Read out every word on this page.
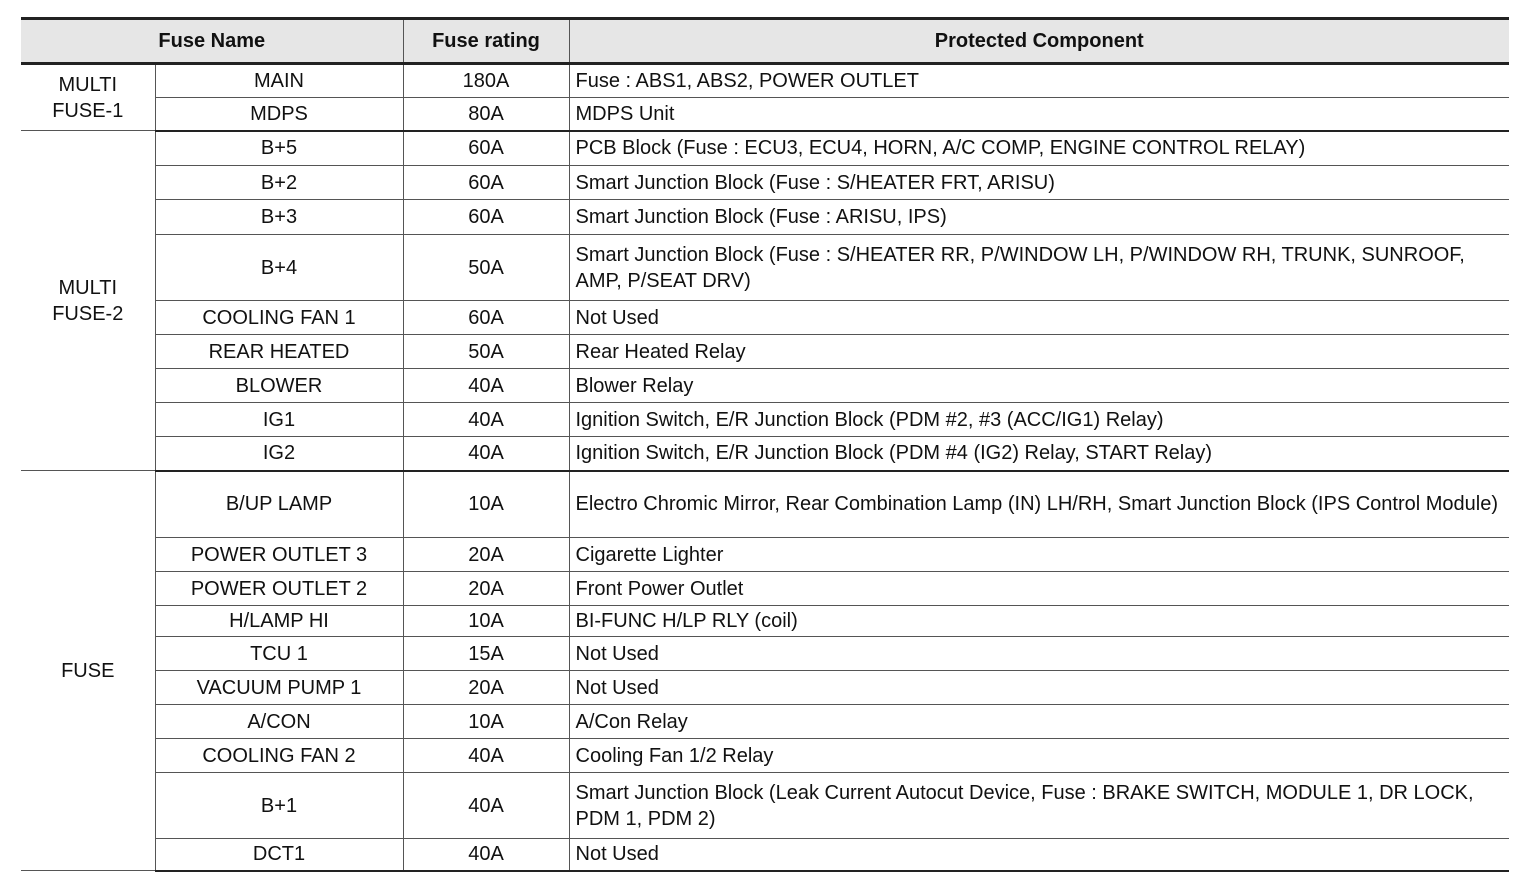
Fuse Name		Fuse rating	Protected Component

MULTI
FUSE-1	MAIN	180A	Fuse : ABS1, ABS2, POWER OUTLET
	MDPS	80A	MDPS Unit

MULTI
FUSE-2	B+5	60A	PCB Block (Fuse : ECU3, ECU4, HORN, A/C COMP, ENGINE CONTROL RELAY)
	B+2	60A	Smart Junction Block (Fuse : S/HEATER FRT, ARISU)
	B+3	60A	Smart Junction Block (Fuse : ARISU, IPS)
	B+4	50A	Smart Junction Block (Fuse : S/HEATER RR, P/WINDOW LH, P/WINDOW RH, TRUNK, SUNROOF, AMP, P/SEAT DRV)
	COOLING FAN 1	60A	Not Used
	REAR HEATED	50A	Rear Heated Relay
	BLOWER	40A	Blower Relay
	IG1	40A	Ignition Switch, E/R Junction Block (PDM #2, #3 (ACC/IG1) Relay)
	IG2	40A	Ignition Switch, E/R Junction Block (PDM #4 (IG2) Relay, START Relay)

FUSE	B/UP LAMP	10A	Electro Chromic Mirror, Rear Combination Lamp (IN) LH/RH, Smart Junction Block (IPS Control Module)
	POWER OUTLET 3	20A	Cigarette Lighter
	POWER OUTLET 2	20A	Front Power Outlet
	H/LAMP HI	10A	BI-FUNC H/LP RLY (coil)
	TCU 1	15A	Not Used
	VACUUM PUMP 1	20A	Not Used
	A/CON	10A	A/Con Relay
	COOLING FAN 2	40A	Cooling Fan 1/2 Relay
	B+1	40A	Smart Junction Block (Leak Current Autocut Device, Fuse : BRAKE SWITCH, MODULE 1, DR LOCK, PDM 1, PDM 2)
	DCT1	40A	Not Used
